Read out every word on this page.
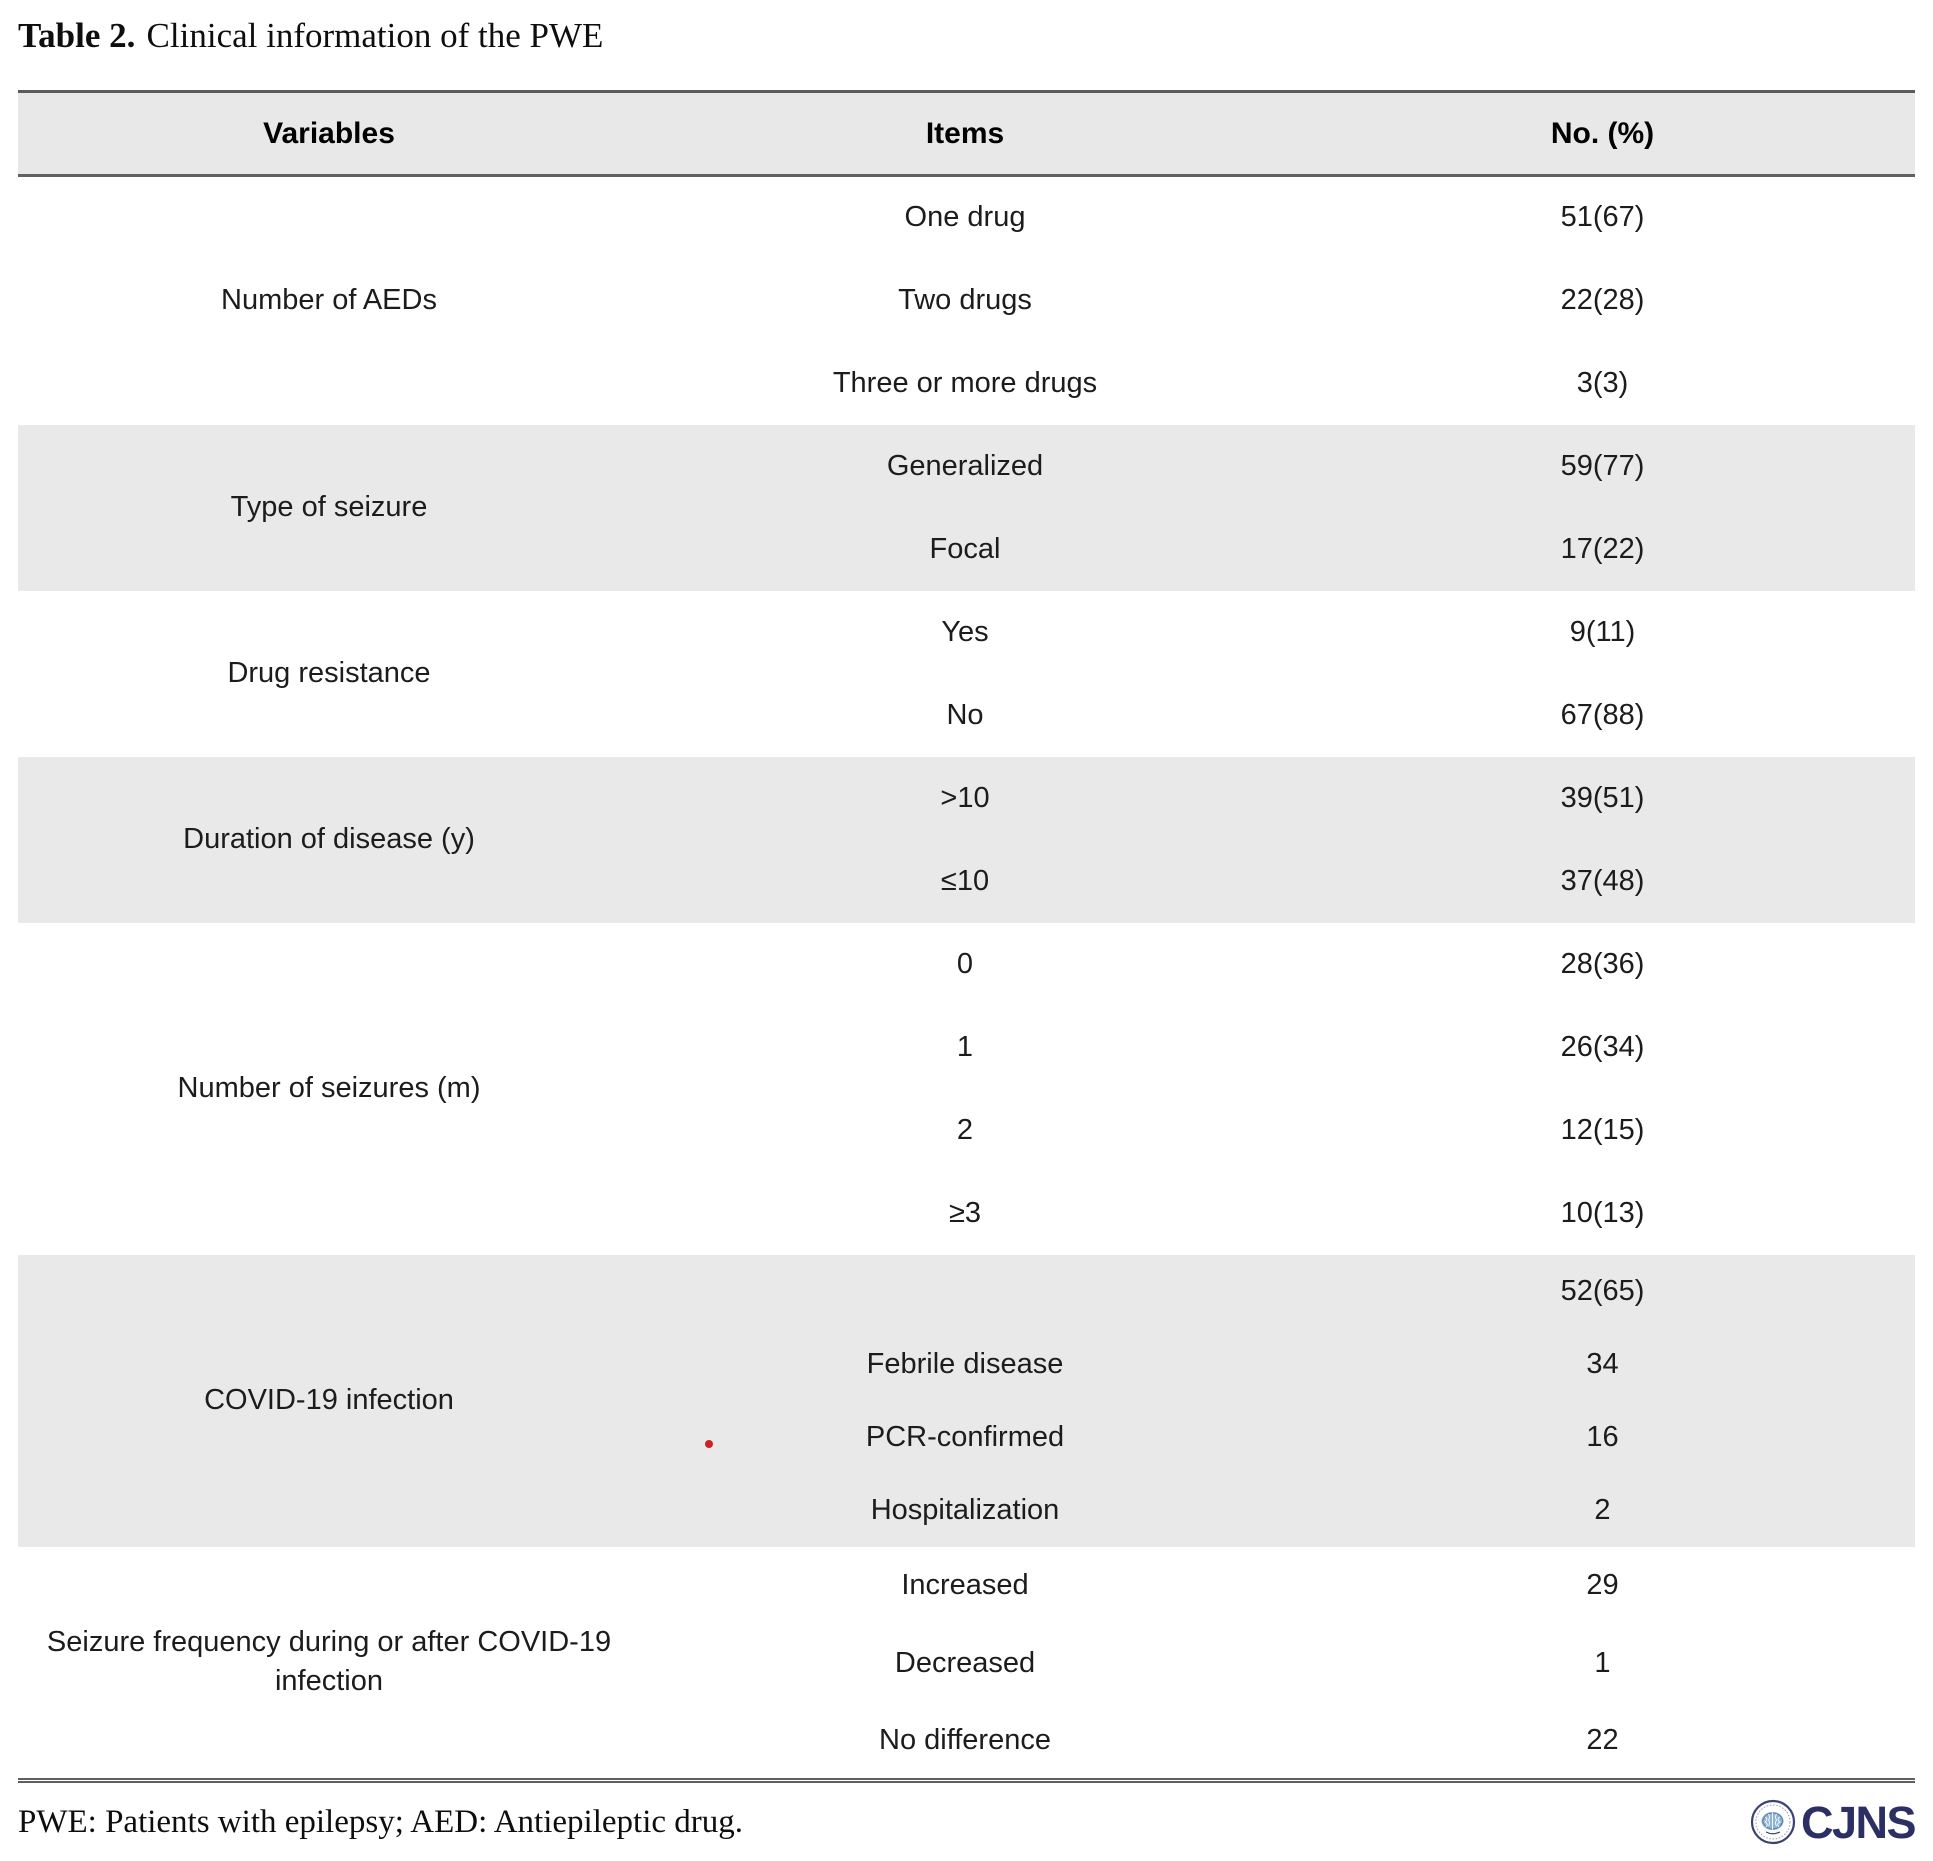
Table 2. Clinical information of the PWE
Variables	Items	No. (%)
Number of AEDs	One drug	51(67)
	Two drugs	22(28)
	Three or more drugs	3(3)
Type of seizure	Generalized	59(77)
	Focal	17(22)
Drug resistance	Yes	9(11)
	No	67(88)
Duration of disease (y)	>10	39(51)
	≤10	37(48)
Number of seizures (m)	0	28(36)
	1	26(34)
	2	12(15)
	≥3	10(13)
COVID-19 infection		52(65)
	Febrile disease	34
	PCR-confirmed	16
	Hospitalization	2
Seizure frequency during or after COVID-19 infection	Increased	29
	Decreased	1
	No difference	22
PWE: Patients with epilepsy; AED: Antiepileptic drug.	CJNS
